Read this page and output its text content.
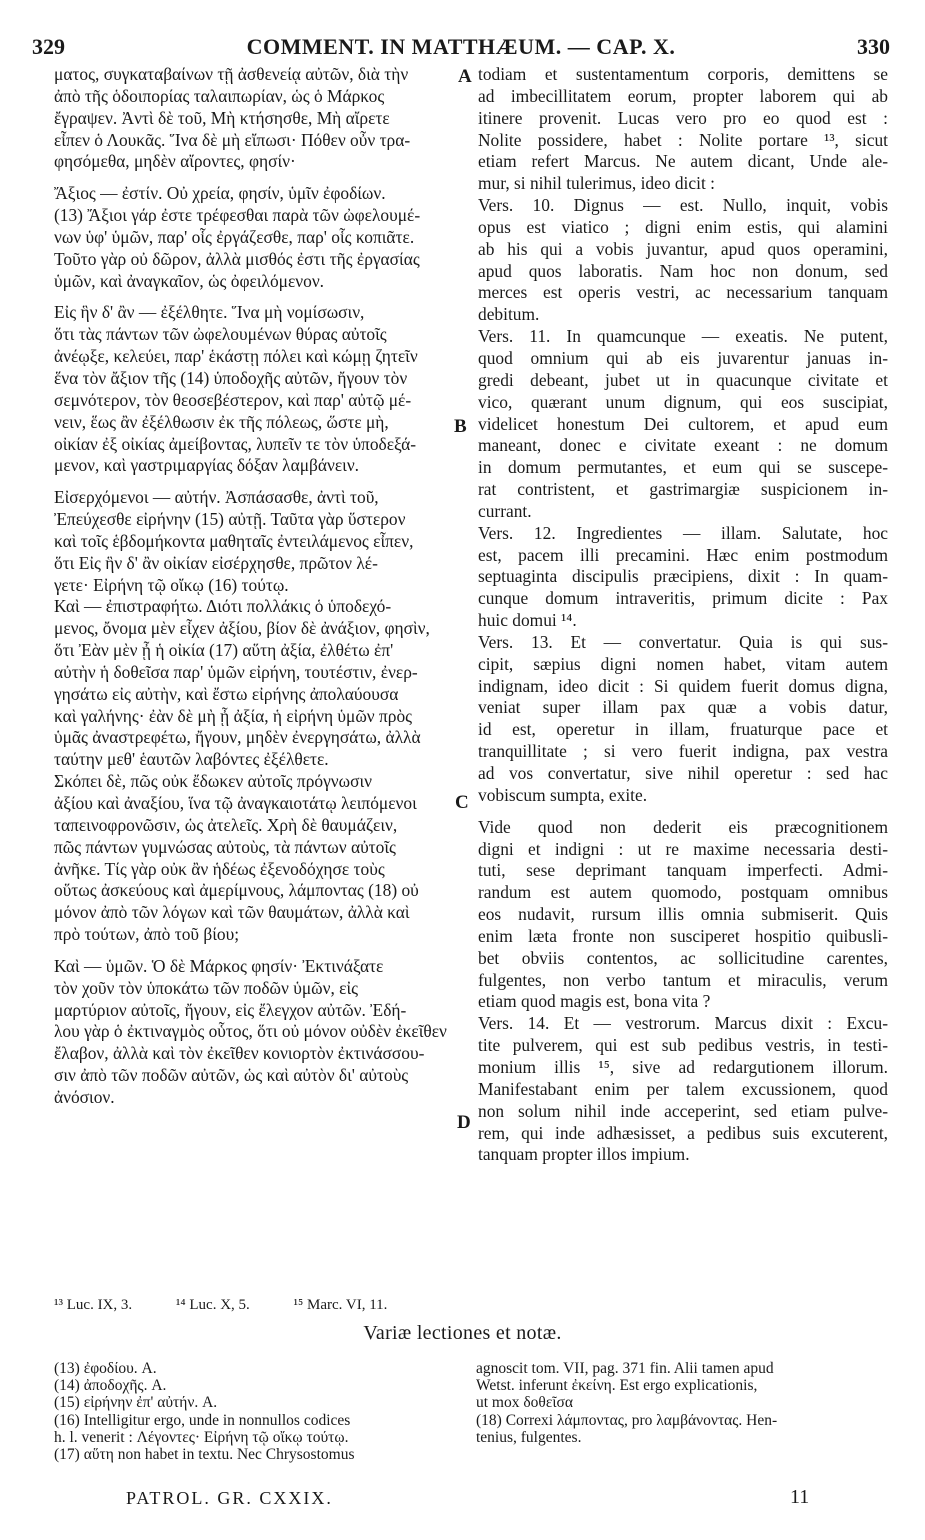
329	COMMENT. IN MATTHÆUM. — CAP. X.	330
ματος, συγκαταβαίνων τῇ ἀσθενείᾳ αὐτῶν, διὰ τὴν
ἀπὸ τῆς ὁδοιπορίας ταλαιπωρίαν, ὡς ὁ Μάρκος
ἔγραψεν. Ἀντὶ δὲ τοῦ, Μὴ κτήσησθε, Μὴ αἴρετε
εἶπεν ὁ Λουκᾶς. Ἵνα δὲ μὴ εἴπωσι· Πόθεν οὖν τρα-
φησόμεθα, μηδὲν αἴροντες, φησίν·
Ἄξιος — ἐστίν. Οὐ χρεία, φησίν, ὑμῖν ἐφοδίων.
(13) Ἄξιοι γάρ ἐστε τρέφεσθαι παρὰ τῶν ὠφελουμέ-
νων ὑφ' ὑμῶν, παρ' οἷς ἐργάζεσθε, παρ' οἷς κοπιᾶτε.
Τοῦτο γὰρ οὐ δῶρον, ἀλλὰ μισθός ἐστι τῆς ἐργασίας
ὑμῶν, καὶ ἀναγκαῖον, ὡς ὀφειλόμενον.
Εἰς ἣν δ' ἂν — ἐξέλθητε. Ἵνα μὴ νομίσωσιν,
ὅτι τὰς πάντων τῶν ὠφελουμένων θύρας αὐτοῖς
ἀνέῳξε, κελεύει, παρ' ἑκάστῃ πόλει καὶ κώμῃ ζητεῖν
ἕνα τὸν ἄξιον τῆς (14) ὑποδοχῆς αὐτῶν, ἤγουν τὸν
σεμνότερον, τὸν θεοσεβέστερον, καὶ παρ' αὐτῷ μέ-
νειν, ἕως ἂν ἐξέλθωσιν ἐκ τῆς πόλεως, ὥστε μὴ,
οἰκίαν ἐξ οἰκίας ἀμείβοντας, λυπεῖν τε τὸν ὑποδεξά-
μενον, καὶ γαστριμαργίας δόξαν λαμβάνειν.
Εἰσερχόμενοι — αὐτήν. Ἀσπάσασθε, ἀντὶ τοῦ,
Ἐπεύχεσθε εἰρήνην (15) αὐτῇ. Ταῦτα γὰρ ὕστερον
καὶ τοῖς ἑβδομήκοντα μαθηταῖς ἐντειλάμενος εἶπεν,
ὅτι Εἰς ἣν δ' ἂν οἰκίαν εἰσέρχησθε, πρῶτον λέ-
γετε· Εἰρήνη τῷ οἴκῳ (16) τούτῳ.
Καὶ — ἐπιστραφήτω. Διότι πολλάκις ὁ ὑποδεχό-
μενος, ὄνομα μὲν εἶχεν ἀξίου, βίον δὲ ἀνάξιον, φησὶν,
ὅτι Ἐὰν μὲν ᾖ ἡ οἰκία (17) αὕτη ἀξία, ἐλθέτω ἐπ'
αὐτὴν ἡ δοθεῖσα παρ' ὑμῶν εἰρήνη, τουτέστιν, ἐνερ-
γησάτω εἰς αὐτὴν, καὶ ἔστω εἰρήνης ἀπολαύουσα
καὶ γαλήνης· ἐὰν δὲ μὴ ᾖ ἀξία, ἡ εἰρήνη ὑμῶν πρὸς
ὑμᾶς ἀναστρεφέτω, ἤγουν, μηδὲν ἐνεργησάτω, ἀλλὰ
ταύτην μεθ' ἑαυτῶν λαβόντες ἐξέλθετε.
Σκόπει δὲ, πῶς οὐκ ἔδωκεν αὐτοῖς πρόγνωσιν
ἀξίου καὶ ἀναξίου, ἵνα τῷ ἀναγκαιοτάτῳ λειπόμενοι
ταπεινοφρονῶσιν, ὡς ἀτελεῖς. Χρὴ δὲ θαυμάζειν,
πῶς πάντων γυμνώσας αὐτοὺς, τὰ πάντων αὐτοῖς
ἀνῆκε. Τίς γὰρ οὐκ ἂν ἡδέως ἐξενοδόχησε τοὺς
οὕτως ἀσκεύους καὶ ἀμερίμνους, λάμποντας (18) οὐ
μόνον ἀπὸ τῶν λόγων καὶ τῶν θαυμάτων, ἀλλὰ καὶ
πρὸ τούτων, ἀπὸ τοῦ βίου;
Καὶ — ὑμῶν. Ὁ δὲ Μάρκος φησίν· Ἐκτινάξατε
τὸν χοῦν τὸν ὑποκάτω τῶν ποδῶν ὑμῶν, εἰς
μαρτύριον αὐτοῖς, ἤγουν, εἰς ἔλεγχον αὐτῶν. Ἐδή-
λου γὰρ ὁ ἐκτιναγμὸς οὗτος, ὅτι οὐ μόνον οὐδὲν ἐκεῖθεν
ἔλαβον, ἀλλὰ καὶ τὸν ἐκεῖθεν κονιορτὸν ἐκτινάσσου-
σιν ἀπὸ τῶν ποδῶν αὐτῶν, ὡς καὶ αὐτὸν δι' αὐτοὺς
ἀνόσιον.
todiam et sustentamentum corporis, demittens se
ad imbecillitatem eorum, propter laborem qui ab
itinere provenit. Lucas vero pro eo quod est :
Nolite possidere, habet : Nolite portare ¹³, sicut
etiam refert Marcus. Ne autem dicant, Unde ale-
mur, si nihil tulerimus, ideo dicit :
Vers. 10. Dignus — est. Nullo, inquit, vobis
opus est viatico ; digni enim estis, qui alamini
ab his qui a vobis juvantur, apud quos operamini,
apud quos laboratis. Nam hoc non donum, sed
merces est operis vestri, ac necessarium tanquam
debitum.
Vers. 11. In quamcunque — exeatis. Ne putent,
quod omnium qui ab eis juvarentur januas in-
gredi debeant, jubet ut in quacunque civitate et
vico, quærant unum dignum, qui eos suscipiat,
videlicet honestum Dei cultorem, et apud eum
maneant, donec e civitate exeant : ne domum
in domum permutantes, et eum qui se suscepe-
rat contristent, et gastrimargiæ suspicionem in-
currant.
Vers. 12. Ingredientes — illam. Salutate, hoc
est, pacem illi precamini. Hæc enim postmodum
septuaginta discipulis præcipiens, dixit : In quam-
cunque domum intraveritis, primum dicite : Pax
huic domui ¹⁴.
Vers. 13. Et — convertatur. Quia is qui sus-
cipit, sæpius digni nomen habet, vitam autem
indignam, ideo dicit : Si quidem fuerit domus digna,
veniat super illam pax quæ a vobis datur,
id est, operetur in illam, fruaturque pace et
tranquillitate ; si vero fuerit indigna, pax vestra
ad vos convertatur, sive nihil operetur : sed hac
vobiscum sumpta, exite.
Vide quod non dederit eis præcognitionem
digni et indigni : ut re maxime necessaria desti-
tuti, sese deprimant tanquam imperfecti. Admi-
randum est autem quomodo, postquam omnibus
eos nudavit, rursum illis omnia submiserit. Quis
enim læta fronte non susciperet hospitio quibusli-
bet obviis contentos, ac sollicitudine carentes,
fulgentes, non verbo tantum et miraculis, verum
etiam quod magis est, bona vita ?
Vers. 14. Et — vestrorum. Marcus dixit : Excu-
tite pulverem, qui est sub pedibus vestris, in testi-
monium illis ¹⁵, sive ad redargutionem illorum.
Manifestabant enim per talem excussionem, quod
non solum nihil inde acceperint, sed etiam pulve-
rem, qui inde adhæsisset, a pedibus suis excuterent,
tanquam propter illos impium.
A
B
C
D
¹³ Luc. IX, 3.	¹⁴ Luc. X, 5.	¹⁵ Marc. VI, 11.
Variæ lectiones et notæ.
(13) ἐφοδίου. A.
(14) ἀποδοχῆς. A.
(15) εἰρήνην ἐπ' αὐτήν. A.
(16) Intelligitur ergo, unde in nonnullos codices
h. l. venerit : Λέγοντες· Εἰρήνη τῷ οἴκῳ τούτῳ.
(17) αὕτη non habet in textu. Nec Chrysostomus
agnoscit tom. VII, pag. 371 fin. Alii tamen apud
Wetst. inferunt ἐκείνη. Est ergo explicationis,
ut mox δοθεῖσα
(18) Correxi λάμποντας, pro λαμβάνοντας. Hen-
tenius, fulgentes.
PATROL. GR. CXXIX.	11
